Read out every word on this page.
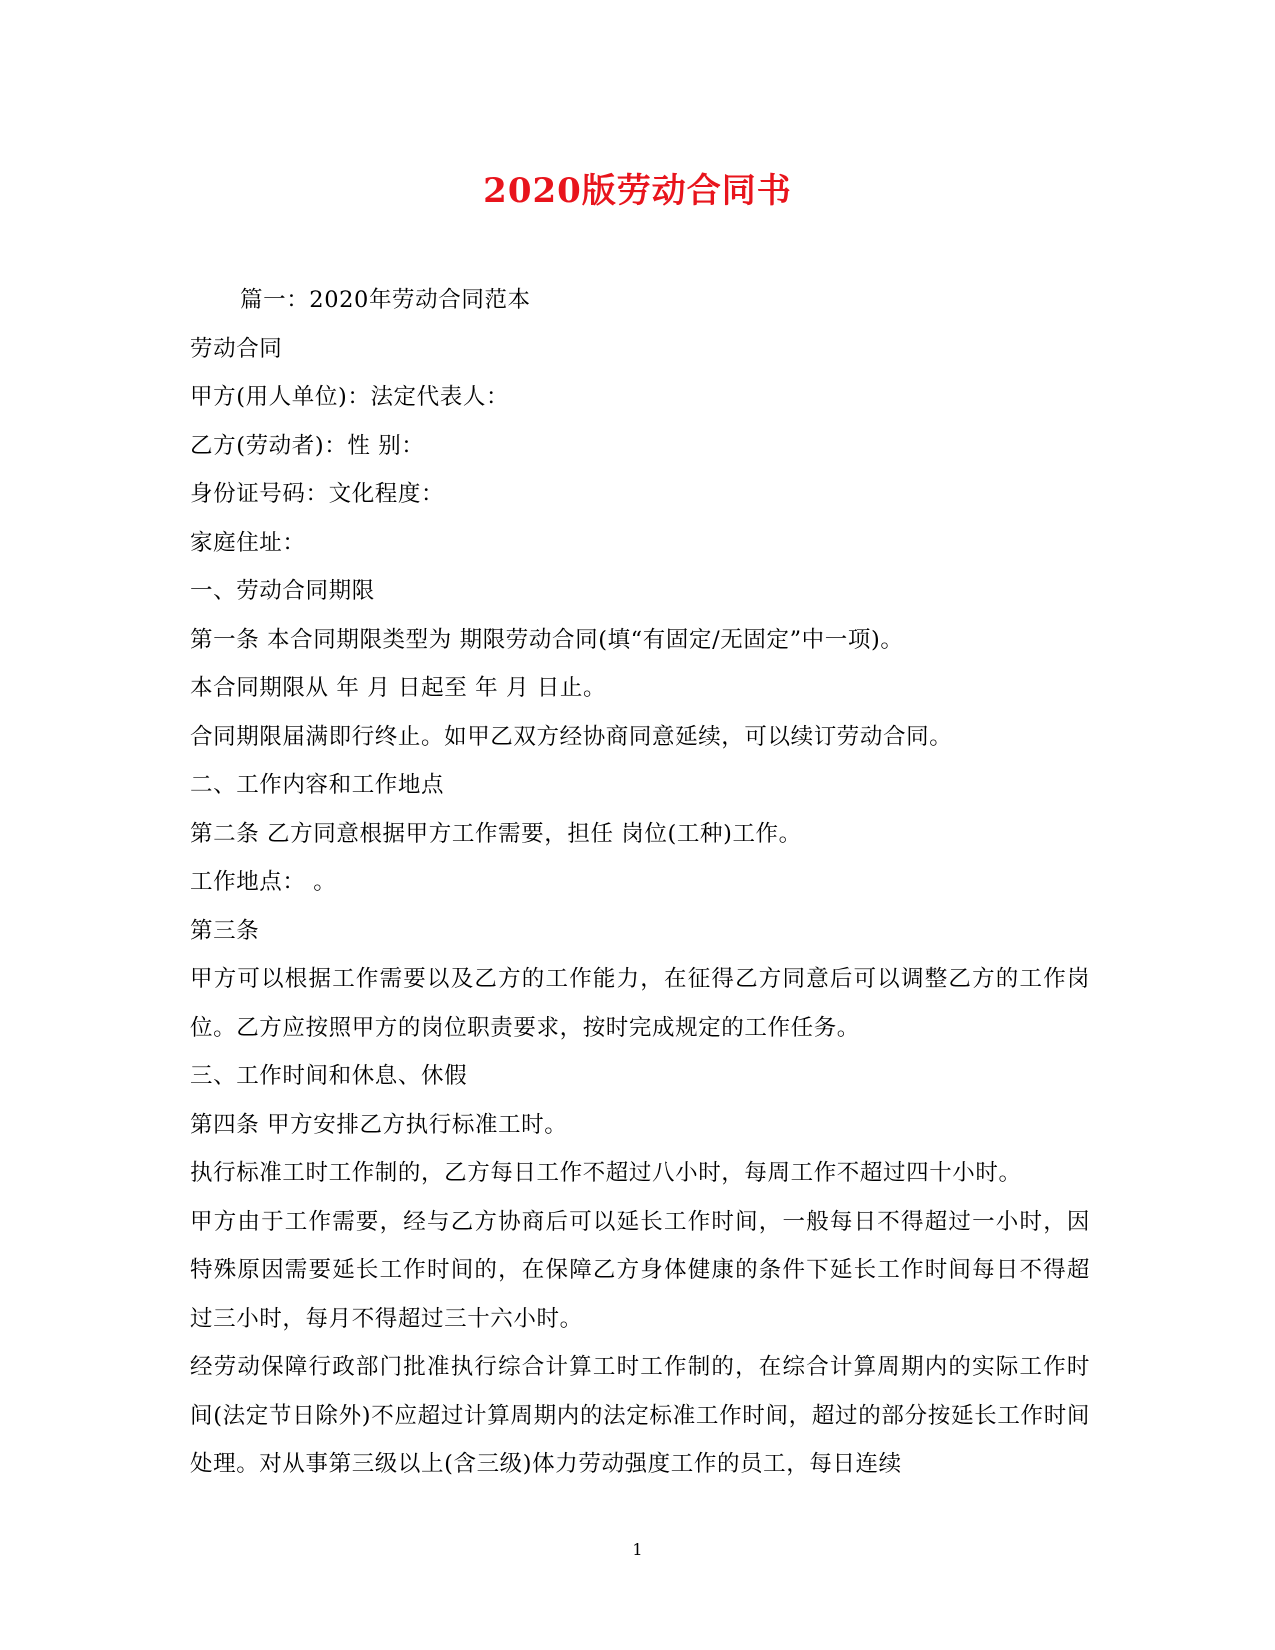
2020版劳动合同书

篇一：2020年劳动合同范本

劳动合同

甲方(用人单位)：法定代表人：

乙方(劳动者)：性 别：

身份证号码：文化程度：

家庭住址：

一、劳动合同期限

第一条 本合同期限类型为 期限劳动合同(填“有固定/无固定”中一项)。

本合同期限从 年 月 日起至 年 月 日止。

合同期限届满即行终止。如甲乙双方经协商同意延续，可以续订劳动合同。

二、工作内容和工作地点

第二条 乙方同意根据甲方工作需要，担任 岗位(工种)工作。

工作地点： 。

第三条

甲方可以根据工作需要以及乙方的工作能力，在征得乙方同意后可以调整乙方的工作岗位。乙方应按照甲方的岗位职责要求，按时完成规定的工作任务。

三、工作时间和休息、休假

第四条 甲方安排乙方执行标准工时。

执行标准工时工作制的，乙方每日工作不超过八小时，每周工作不超过四十小时。

甲方由于工作需要，经与乙方协商后可以延长工作时间，一般每日不得超过一小时，因特殊原因需要延长工作时间的，在保障乙方身体健康的条件下延长工作时间每日不得超过三小时，每月不得超过三十六小时。

经劳动保障行政部门批准执行综合计算工时工作制的，在综合计算周期内的实际工作时间(法定节日除外)不应超过计算周期内的法定标准工作时间，超过的部分按延长工作时间处理。对从事第三级以上(含三级)体力劳动强度工作的员工，每日连续

1
